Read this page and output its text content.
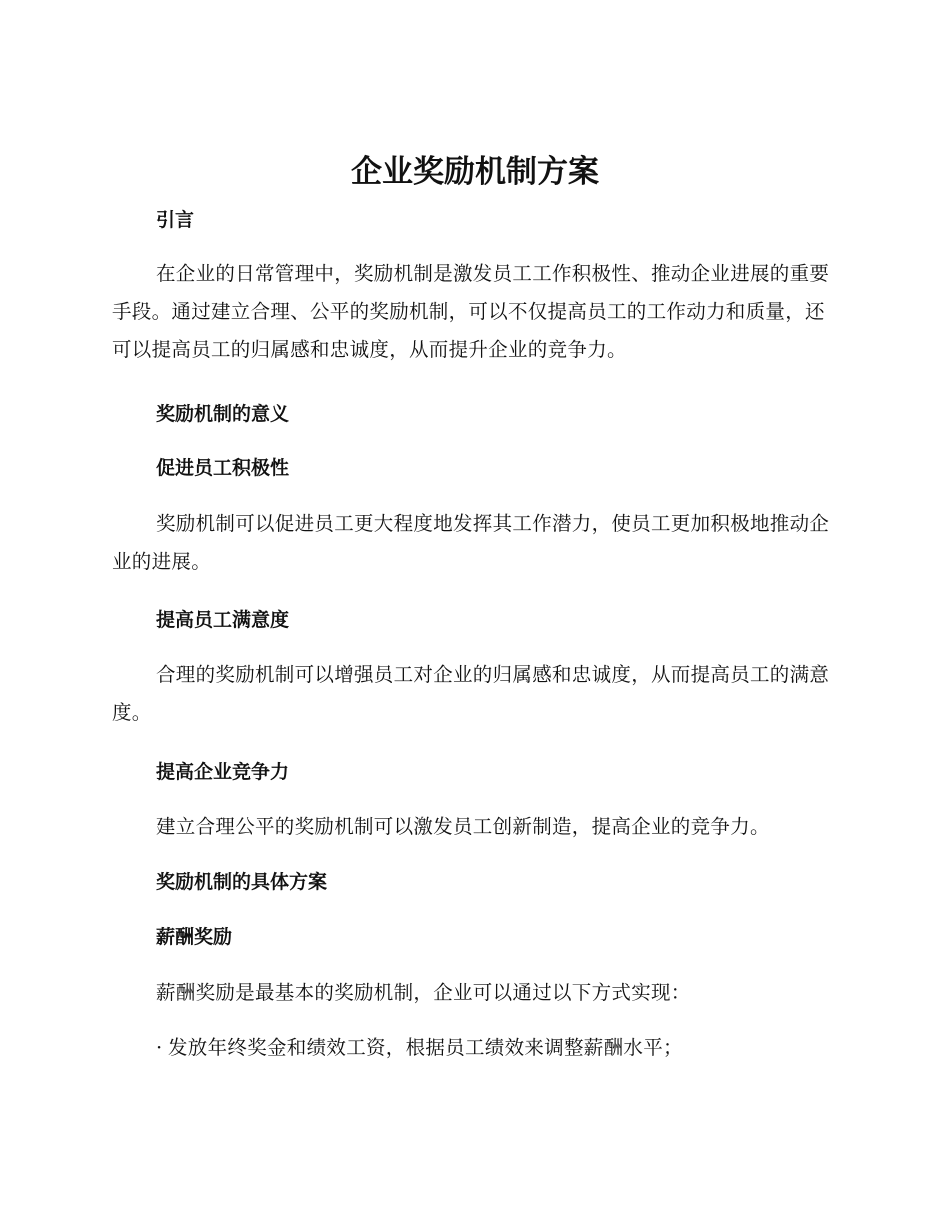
企业奖励机制方案
引言

在企业的日常管理中，奖励机制是激发员工工作积极性、推动企业进展的重要手段。通过建立合理、公平的奖励机制，可以不仅提高员工的工作动力和质量，还可以提高员工的归属感和忠诚度，从而提升企业的竞争力。

奖励机制的意义
促进员工积极性

奖励机制可以促进员工更大程度地发挥其工作潜力，使员工更加积极地推动企业的进展。

提高员工满意度

合理的奖励机制可以增强员工对企业的归属感和忠诚度，从而提高员工的满意度。

提高企业竞争力

建立合理公平的奖励机制可以激发员工创新制造，提高企业的竞争力。

奖励机制的具体方案
薪酬奖励

薪酬奖励是最基本的奖励机制，企业可以通过以下方式实现：

· 发放年终奖金和绩效工资，根据员工绩效来调整薪酬水平；
